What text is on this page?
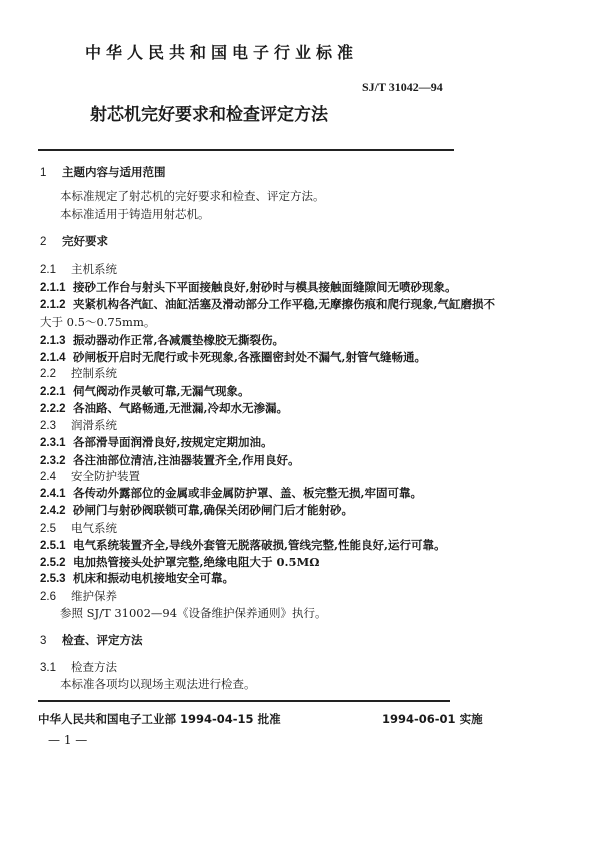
中华人民共和国电子行业标准
SJ/T 31042—94
射芯机完好要求和检查评定方法
1 主题内容与适用范围
本标准规定了射芯机的完好要求和检查、评定方法。
本标准适用于铸造用射芯机。
2 完好要求
2.1 主机系统
2.1.1 接砂工作台与射头下平面接触良好,射砂时与模具接触面缝隙间无喷砂现象。
2.1.2 夹紧机构各汽缸、油缸活塞及滑动部分工作平稳,无摩擦伤痕和爬行现象,气缸磨损不
大于 0.5～0.75mm。
2.1.3 振动器动作正常,各减震垫橡胶无撕裂伤。
2.1.4 砂闸板开启时无爬行或卡死现象,各涨圈密封处不漏气,射管气缝畅通。
2.2 控制系统
2.2.1 伺气阀动作灵敏可靠,无漏气现象。
2.2.2 各油路、气路畅通,无泄漏,冷却水无渗漏。
2.3 润滑系统
2.3.1 各部滑导面润滑良好,按规定定期加油。
2.3.2 各注油部位清洁,注油器装置齐全,作用良好。
2.4 安全防护装置
2.4.1 各传动外露部位的金属或非金属防护罩、盖、板完整无损,牢固可靠。
2.4.2 砂闸门与射砂阀联锁可靠,确保关闭砂闸门后才能射砂。
2.5 电气系统
2.5.1 电气系统装置齐全,导线外套管无脱落破损,管线完整,性能良好,运行可靠。
2.5.2 电加热管接头处护罩完整,绝缘电阻大于 0.5MΩ
2.5.3 机床和振动电机接地安全可靠。
2.6 维护保养
参照 SJ/T 31002—94《设备维护保养通则》执行。
3 检查、评定方法
3.1 检查方法
本标准各项均以现场主观法进行检查。
中华人民共和国电子工业部 1994-04-15 批准	1994-06-01 实施
— 1 —
